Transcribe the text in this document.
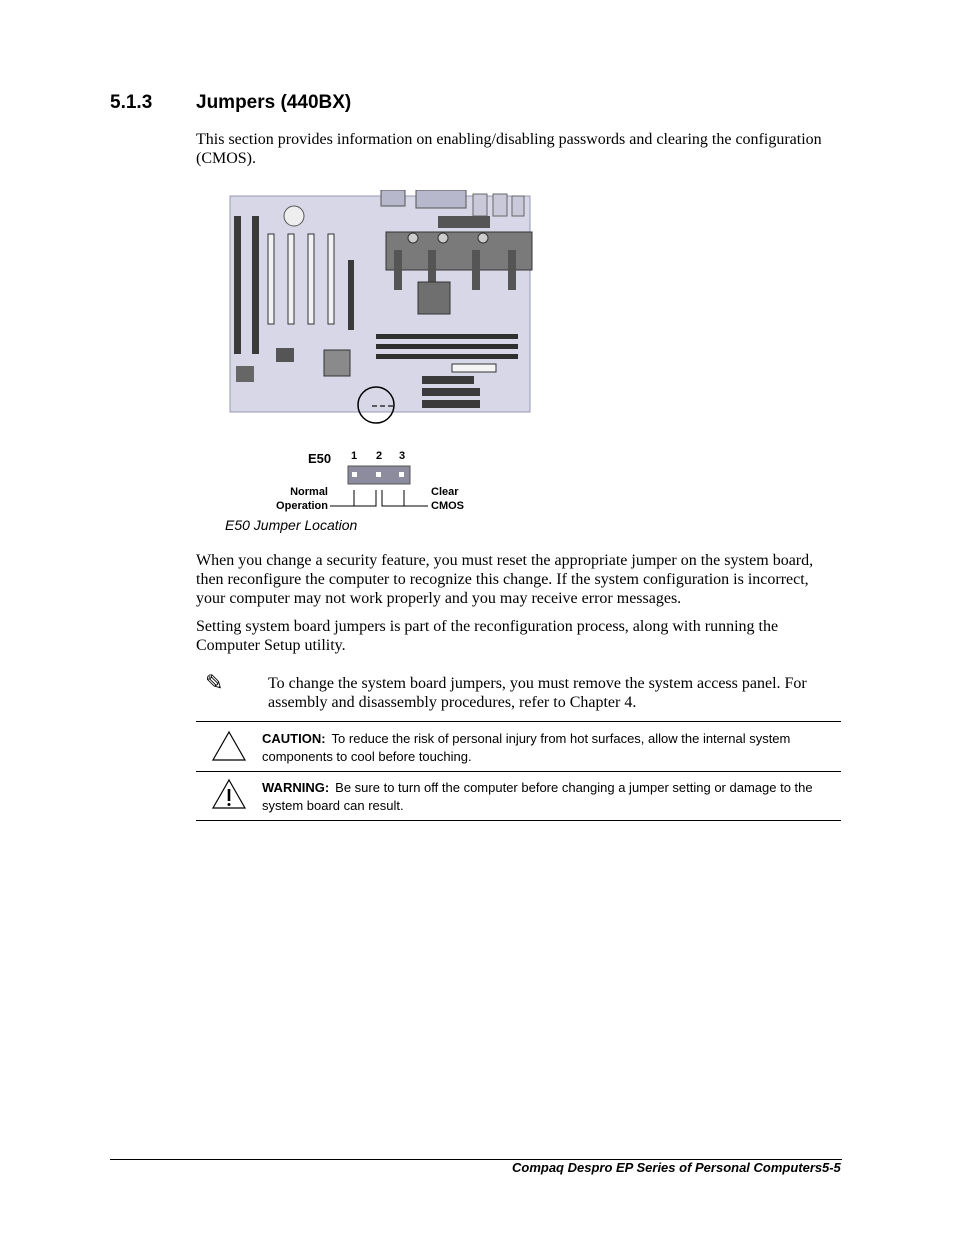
5.1.3 Jumpers (440BX)
This section provides information on enabling/disabling passwords and clearing the configuration (CMOS).
E50 1 2 3
Normal
Operation
Clear
CMOS
E50 Jumper Location
When you change a security feature, you must reset the appropriate jumper on the system board, then reconfigure the computer to recognize this change. If the system configuration is incorrect, your computer may not work properly and you may receive error messages.
Setting system board jumpers is part of the reconfiguration process, along with running the Computer Setup utility.
✎	To change the system board jumpers, you must remove the system access panel. For assembly and disassembly procedures, refer to Chapter 4.
CAUTION: To reduce the risk of personal injury from hot surfaces, allow the internal system components to cool before touching.
WARNING: Be sure to turn off the computer before changing a jumper setting or damage to the system board can result.
Compaq Despro EP Series of Personal Computers 5-5
